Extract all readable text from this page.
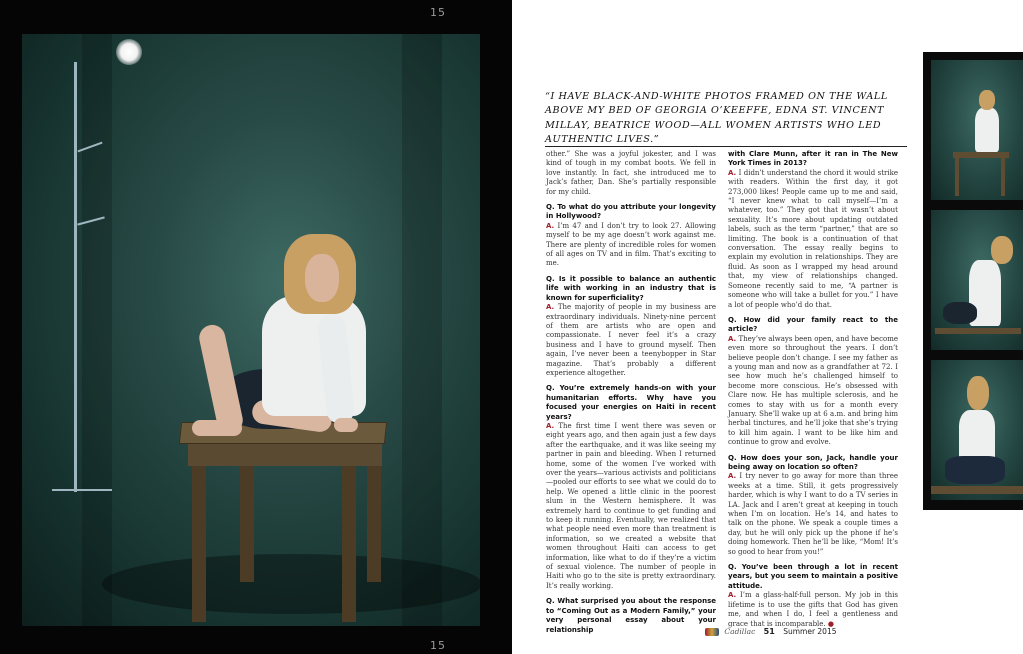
15
15
“I HAVE BLACK-AND-WHITE PHOTOS FRAMED ON THE WALL ABOVE MY BED OF GEORGIA O’KEEFFE, EDNA ST. VINCENT MILLAY, BEATRICE WOOD—ALL WOMEN ARTISTS WHO LED AUTHENTIC LIVES.”

other.” She was a joyful jokester, and I was kind of tough in my combat boots. We fell in love instantly. In fact, she introduced me to Jack’s father, Dan. She’s partially responsible for my child.

Q. To what do you attribute your longevity in Hollywood?
A. I’m 47 and I don’t try to look 27. Allowing myself to be my age doesn’t work against me. There are plenty of incredible roles for women of all ages on TV and in film. That’s exciting to me.

Q. Is it possible to balance an authentic life with working in an industry that is known for superficiality?
A. The majority of people in my business are extraordinary individuals. Ninety-nine percent of them are artists who are open and compassionate. I never feel it’s a crazy business and I have to ground myself. Then again, I’ve never been a teenybopper in Star magazine. That’s probably a different experience altogether.

Q. You’re extremely hands-on with your humanitarian efforts. Why have you focused your energies on Haiti in recent years?
A. The first time I went there was seven or eight years ago, and then again just a few days after the earthquake, and it was like seeing my partner in pain and bleeding. When I returned home, some of the women I’ve worked with over the years—various activists and politicians—pooled our efforts to see what we could do to help. We opened a little clinic in the poorest slum in the Western hemisphere. It was extremely hard to continue to get funding and to keep it running. Eventually, we realized that what people need even more than treatment is information, so we created a website that women throughout Haiti can access to get information, like what to do if they’re a victim of sexual violence. The number of people in Haiti who go to the site is pretty extraordinary. It’s really working.

Q. What surprised you about the response to “Coming Out as a Modern Family,” your very personal essay about your relationship

with Clare Munn, after it ran in The New York Times in 2013?
A. I didn’t understand the chord it would strike with readers. Within the first day, it got 273,000 likes! People came up to me and said, “I never knew what to call myself—I’m a whatever, too.” They got that it wasn’t about sexuality. It’s more about updating outdated labels, such as the term “partner,” that are so limiting. The book is a continuation of that conversation. The essay really begins to explain my evolution in relationships. They are fluid. As soon as I wrapped my head around that, my view of relationships changed. Someone recently said to me, “A partner is someone who will take a bullet for you.” I have a lot of people who’d do that.

Q. How did your family react to the article?
A. They’ve always been open, and have become even more so throughout the years. I don’t believe people don’t change. I see my father as a young man and now as a grandfather at 72. I see how much he’s challenged himself to become more conscious. He’s obsessed with Clare now. He has multiple sclerosis, and he comes to stay with us for a month every January. She’ll wake up at 6 a.m. and bring him herbal tinctures, and he’ll joke that she’s trying to kill him again. I want to be like him and continue to grow and evolve.

Q. How does your son, Jack, handle your being away on location so often?
A. I try never to go away for more than three weeks at a time. Still, it gets progressively harder, which is why I want to do a TV series in LA. Jack and I aren’t great at keeping in touch when I’m on location. He’s 14, and hates to talk on the phone. We speak a couple times a day, but he will only pick up the phone if he’s doing homework. Then he’ll be like, “Mom! It’s so good to hear from you!”

Q. You’ve been through a lot in recent years, but you seem to maintain a positive attitude.
A. I’m a glass-half-full person. My job in this lifetime is to use the gifts that God has given me, and when I do, I feel a gentleness and grace that is incomparable. ●

Cadillac 51 Summer 2015
